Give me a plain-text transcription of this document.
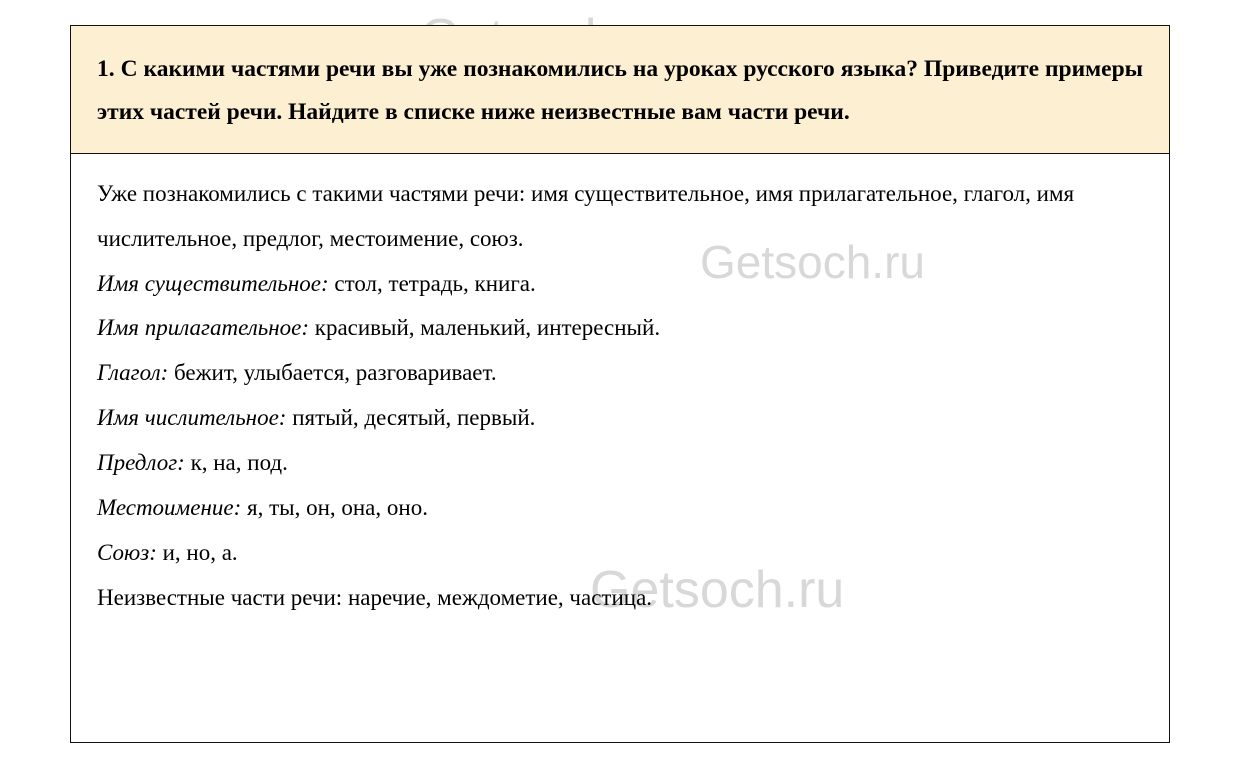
Getsoch.ru
Getsoch.ru

1. С какими частями речи вы уже познакомились на уроках русского языка? Приведите примеры этих частей речи. Найдите в списке ниже неизвестные вам части речи.

Уже познакомились с такими частями речи: имя существительное, имя прилагательное, глагол, имя числительное, предлог, местоимение, союз.

Имя существительное: стол, тетрадь, книга.

Имя прилагательное: красивый, маленький, интересный.

Глагол: бежит, улыбается, разговаривает.

Имя числительное: пятый, десятый, первый.

Предлог: к, на, под.

Местоимение: я, ты, он, она, оно.

Союз: и, но, а.

Неизвестные части речи: наречие, междометие, частица.
